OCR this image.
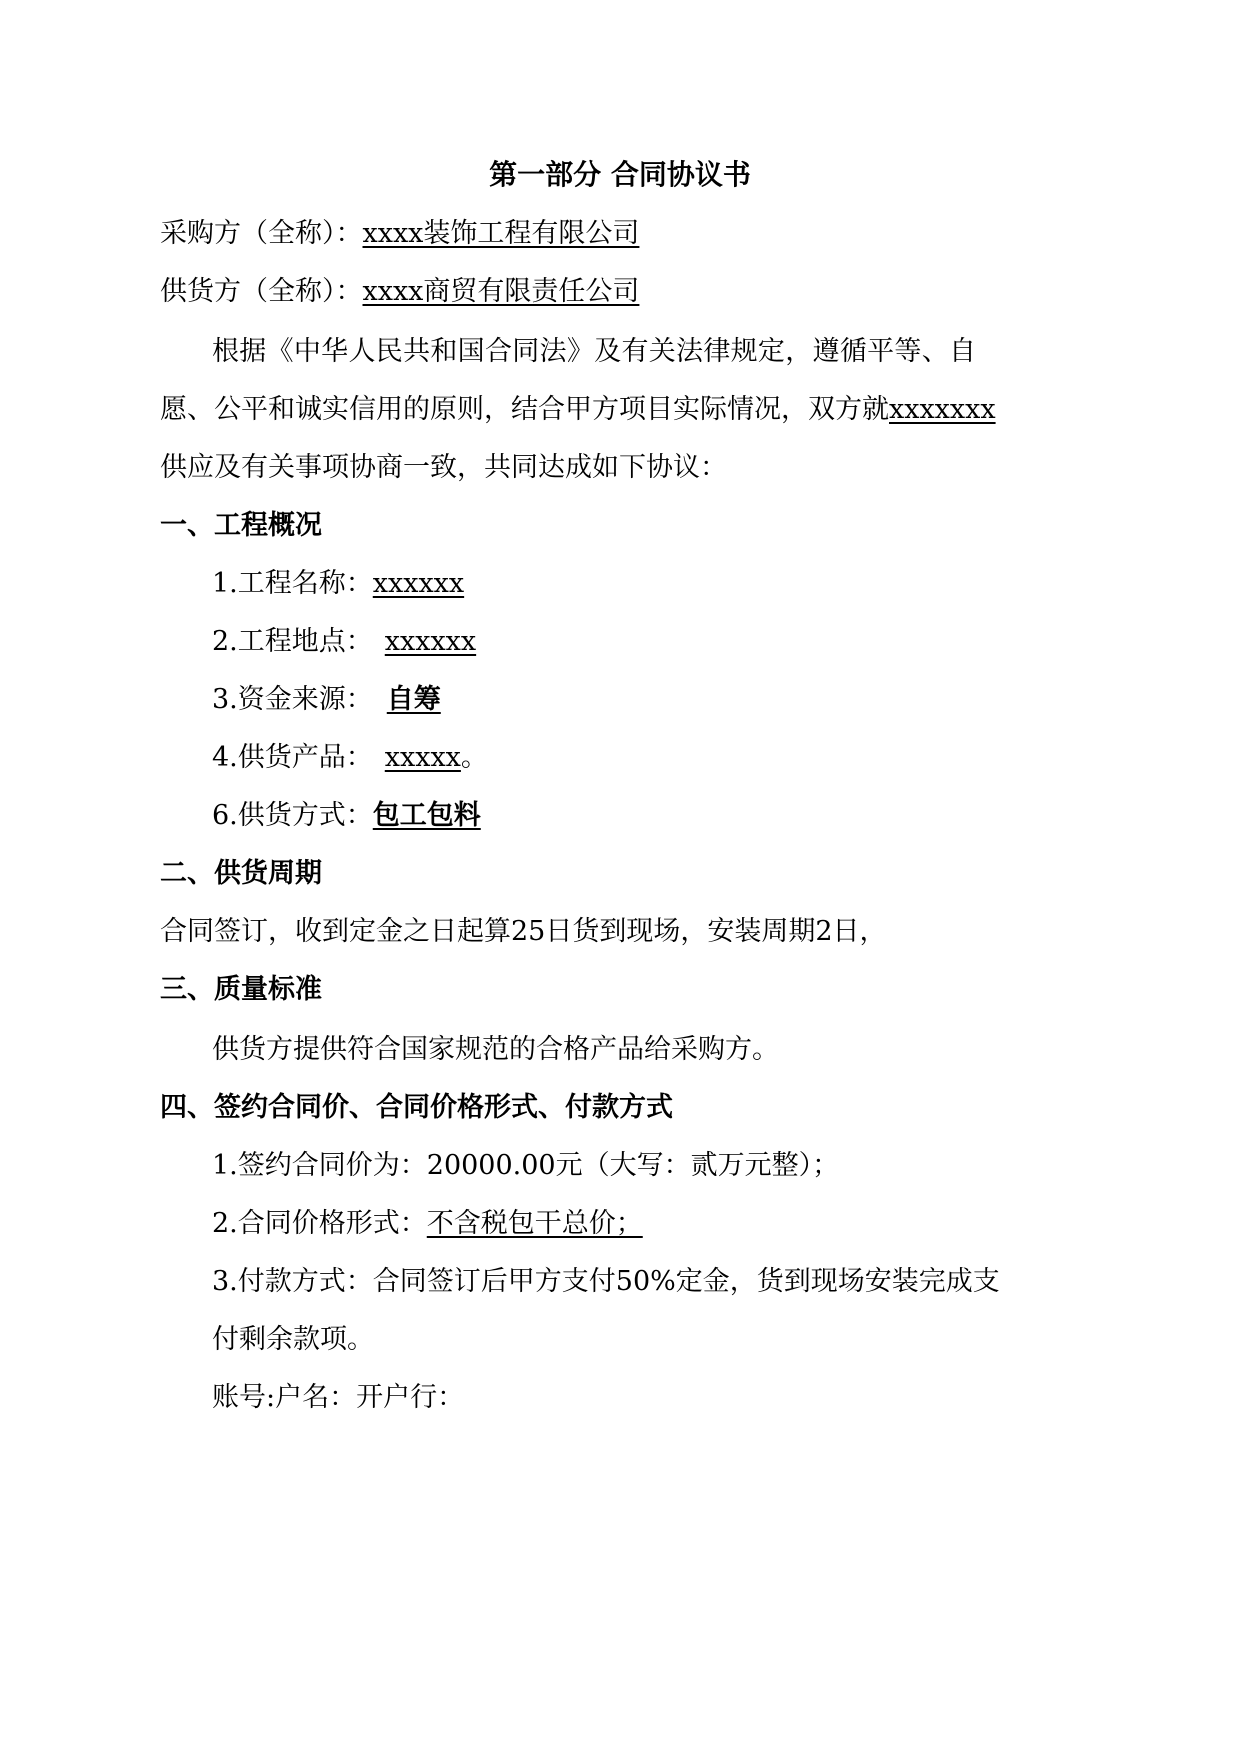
第一部分 合同协议书
采购方（全称）：xxxx装饰工程有限公司
供货方（全称）：xxxx商贸有限责任公司
根据《中华人民共和国合同法》及有关法律规定，遵循平等、自
愿、公平和诚实信用的原则，结合甲方项目实际情况，双方就xxxxxxx
供应及有关事项协商一致，共同达成如下协议：
一、工程概况
1.工程名称：xxxxxx
2.工程地点： xxxxxx
3.资金来源： 自筹
4.供货产品： xxxxx。
6.供货方式：包工包料
二、供货周期
合同签订，收到定金之日起算25日货到现场，安装周期2日，
三、质量标准
供货方提供符合国家规范的合格产品给采购方。
四、签约合同价、合同价格形式、付款方式
1.签约合同价为：20000.00元（大写：贰万元整）；
2.合同价格形式：不含税包干总价；
3.付款方式：合同签订后甲方支付50%定金，货到现场安装完成支
付剩余款项。
账号:户名：开户行：
